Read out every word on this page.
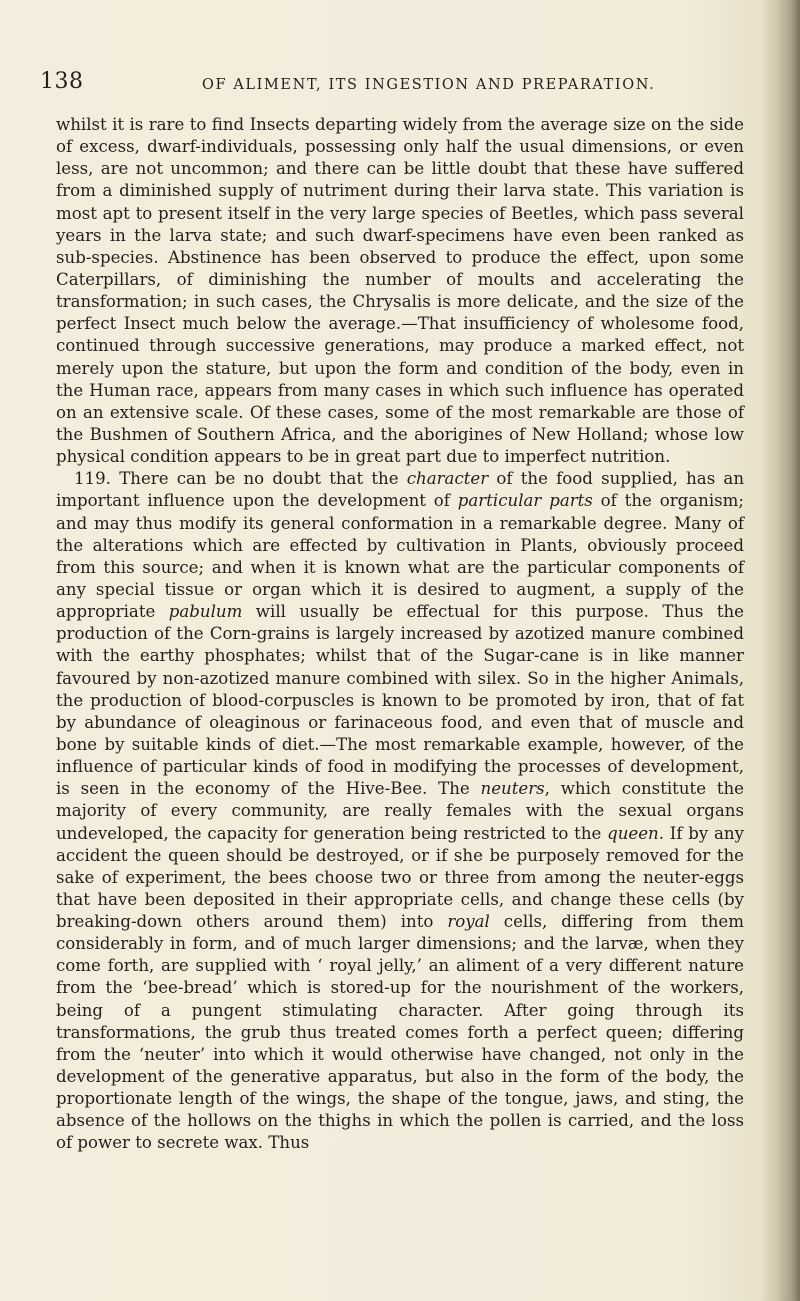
138	OF ALIMENT, ITS INGESTION AND PREPARATION.

whilst it is rare to find Insects departing widely from the average size on the side of excess, dwarf-individuals, possessing only half the usual dimensions, or even less, are not uncommon; and there can be little doubt that these have suffered from a diminished supply of nutriment during their larva state. This variation is most apt to present itself in the very large species of Beetles, which pass several years in the larva state; and such dwarf-specimens have even been ranked as sub-species. Abstinence has been observed to produce the effect, upon some Caterpillars, of diminishing the number of moults and accelerating the transformation; in such cases, the Chrysalis is more delicate, and the size of the perfect Insect much below the average.—That insufficiency of wholesome food, continued through successive generations, may produce a marked effect, not merely upon the stature, but upon the form and condition of the body, even in the Human race, appears from many cases in which such influence has operated on an extensive scale. Of these cases, some of the most remarkable are those of the Bushmen of Southern Africa, and the aborigines of New Holland; whose low physical condition appears to be in great part due to imperfect nutrition.

119. There can be no doubt that the character of the food supplied, has an important influence upon the development of particular parts of the organism; and may thus modify its general conformation in a remarkable degree. Many of the alterations which are effected by cultivation in Plants, obviously proceed from this source; and when it is known what are the particular components of any special tissue or organ which it is desired to augment, a supply of the appropriate pabulum will usually be effectual for this purpose. Thus the production of the Corn-grains is largely increased by azotized manure combined with the earthy phosphates; whilst that of the Sugar-cane is in like manner favoured by non-azotized manure combined with silex. So in the higher Animals, the production of blood-corpuscles is known to be promoted by iron, that of fat by abundance of oleaginous or farinaceous food, and even that of muscle and bone by suitable kinds of diet.—The most remarkable example, however, of the influence of particular kinds of food in modifying the processes of development, is seen in the economy of the Hive-Bee. The neuters, which constitute the majority of every community, are really females with the sexual organs undeveloped, the capacity for generation being restricted to the queen. If by any accident the queen should be destroyed, or if she be purposely removed for the sake of experiment, the bees choose two or three from among the neuter-eggs that have been deposited in their appropriate cells, and change these cells (by breaking-down others around them) into royal cells, differing from them considerably in form, and of much larger dimensions; and the larvæ, when they come forth, are supplied with ‘ royal jelly,’ an aliment of a very different nature from the ‘bee-bread’ which is stored-up for the nourishment of the workers, being of a pungent stimulating character. After going through its transformations, the grub thus treated comes forth a perfect queen; differing from the ‘neuter’ into which it would otherwise have changed, not only in the development of the generative apparatus, but also in the form of the body, the proportionate length of the wings, the shape of the tongue, jaws, and sting, the absence of the hollows on the thighs in which the pollen is carried, and the loss of power to secrete wax. Thus
